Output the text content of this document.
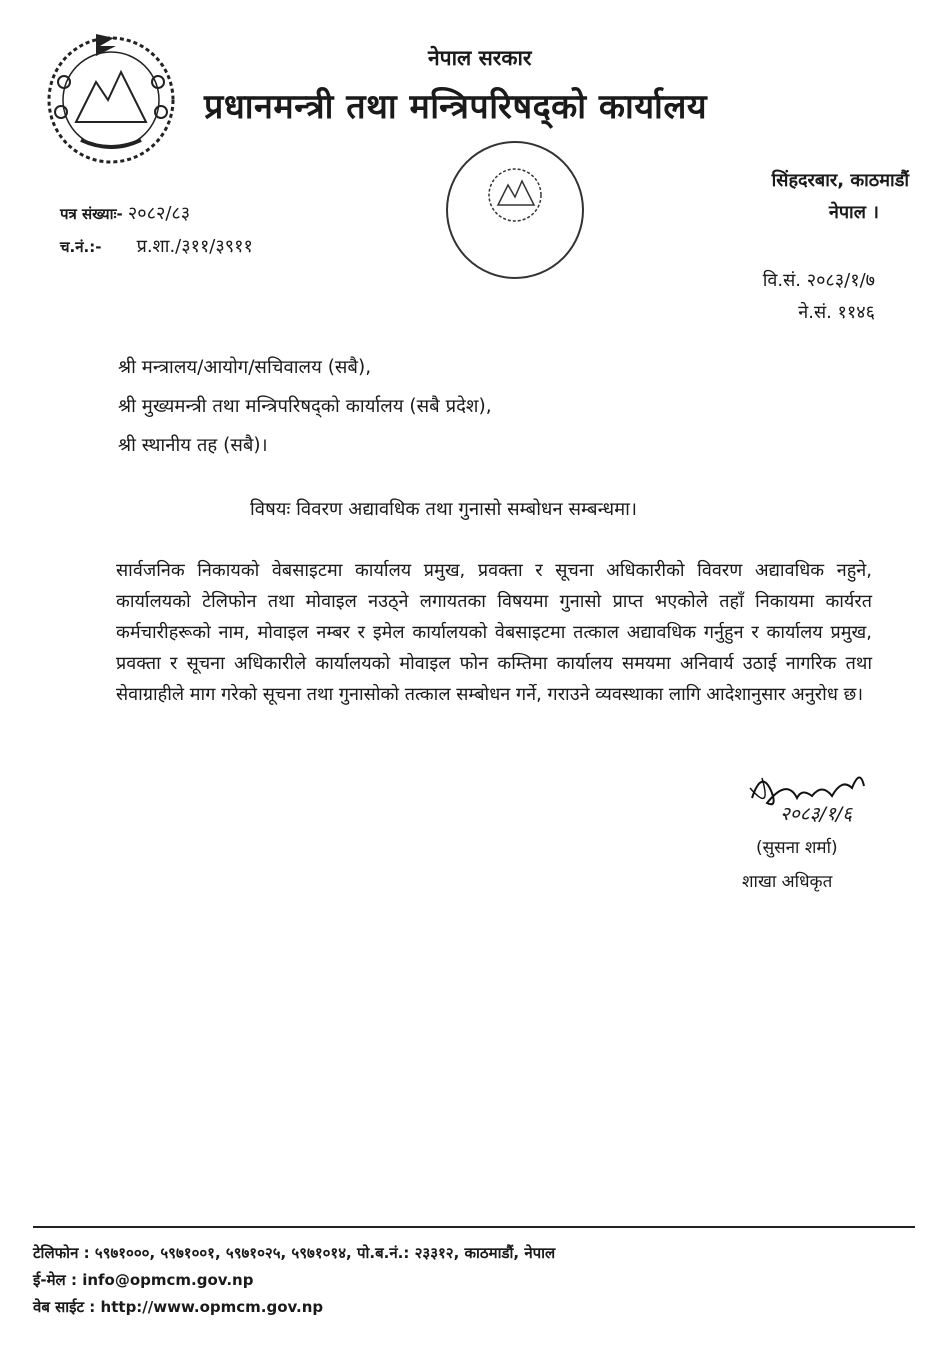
नेपाल सरकार
प्रधानमन्त्री तथा मन्त्रिपरिषद्को कार्यालय
सिंहदरबार, काठमाडौं
नेपाल ।
पत्र संख्याः- २०८२/८३
च.नं.:- प्र.शा./३११/३९११
वि.सं. २०८३/१/७
ने.सं. ११४६
श्री मन्त्रालय/आयोग/सचिवालय (सबै),
श्री मुख्यमन्त्री तथा मन्त्रिपरिषद्को कार्यालय (सबै प्रदेश),
श्री स्थानीय तह (सबै)।
विषयः विवरण अद्यावधिक तथा गुनासो सम्बोधन सम्बन्धमा।
सार्वजनिक निकायको वेबसाइटमा कार्यालय प्रमुख, प्रवक्ता र सूचना अधिकारीको विवरण अद्यावधिक नहुने, कार्यालयको टेलिफोन तथा मोवाइल नउठ्ने लगायतका विषयमा गुनासो प्राप्त भएकोले तहाँ निकायमा कार्यरत कर्मचारीहरूको नाम, मोवाइल नम्बर र इमेल कार्यालयको वेबसाइटमा तत्काल अद्यावधिक गर्नुहुन र कार्यालय प्रमुख, प्रवक्ता र सूचना अधिकारीले कार्यालयको मोवाइल फोन कम्तिमा कार्यालय समयमा अनिवार्य उठाई नागरिक तथा सेवाग्राहीले माग गरेको सूचना तथा गुनासोको तत्काल सम्बोधन गर्ने, गराउने व्यवस्थाका लागि आदेशानुसार अनुरोध छ।
२०८३/१/६
(सुसना शर्मा)
शाखा अधिकृत
टेलिफोन : ५९७१०००, ५९७१००१, ५९७१०२५, ५९७१०१४, पो.ब.नं.: २३३१२, काठमाडौं, नेपाल
ई-मेल : info@opmcm.gov.np
वेब साईट : http://www.opmcm.gov.np
